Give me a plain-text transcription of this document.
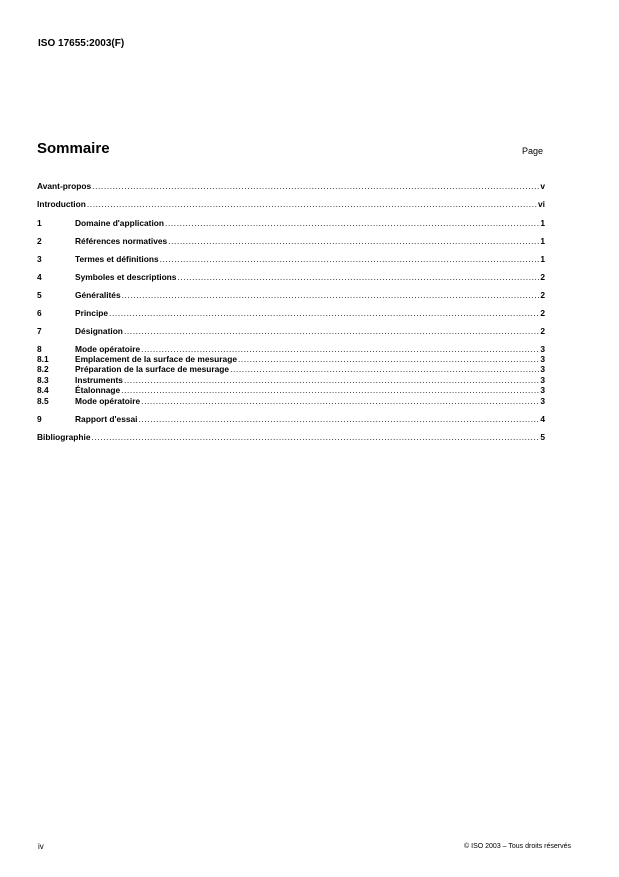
ISO 17655:2003(F)
Sommaire	Page
Avant-propos .....	v
Introduction .....	vi
1	Domaine d'application .....	1
2	Références normatives .....	1
3	Termes et définitions .....	1
4	Symboles et descriptions .....	2
5	Généralités .....	2
6	Principe .....	2
7	Désignation .....	2
8	Mode opératoire .....	3
8.1	Emplacement de la surface de mesurage .....	3
8.2	Préparation de la surface de mesurage .....	3
8.3	Instruments .....	3
8.4	Étalonnage .....	3
8.5	Mode opératoire .....	3
9	Rapport d'essai .....	4
Bibliographie .....	5
iv	© ISO 2003 – Tous droits réservés
